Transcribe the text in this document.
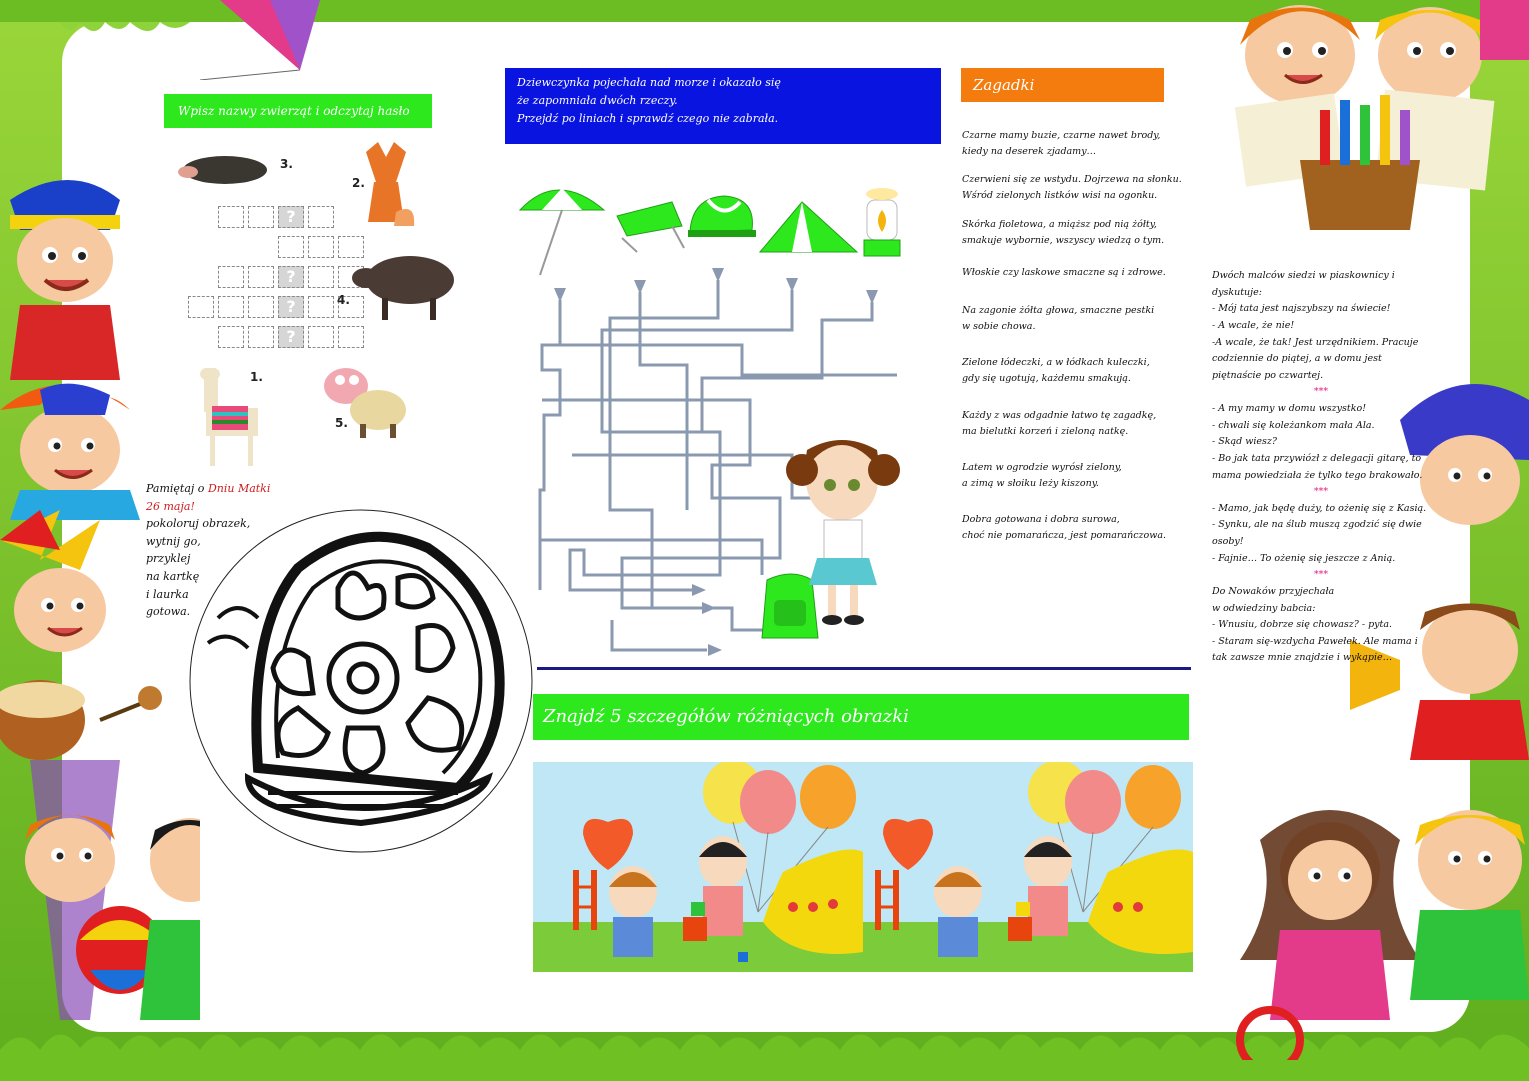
Wpisz nazwy zwierząt i odczytaj hasło
?
?
?
?
3.
2.
4.
1.
5.
Pamiętaj o Dniu Matki
26 maja!
pokoloruj obrazek,
wytnij go,
przyklej
na kartkę
i laurka
gotowa.
Dziewczynka pojechała nad morze i okazało się
że zapomniała dwóch rzeczy.
Przejdź po liniach i sprawdź czego nie zabrała.
Zagadki

Czarne mamy buzie, czarne nawet brody,
kiedy na deserek zjadamy…

Czerwieni się ze wstydu. Dojrzewa na słonku.
Wśród zielonych listków wisi na ogonku.

Skórka fioletowa, a miąższ pod nią żółty,
smakuje wybornie, wszyscy wiedzą o tym.

Włoskie czy laskowe smaczne są i zdrowe.

Na zagonie żółta głowa, smaczne pestki
w sobie chowa.

Zielone łódeczki, a w łódkach kuleczki,
gdy się ugotują, każdemu smakują.

Każdy z was odgadnie łatwo tę zagadkę,
ma bielutki korzeń i zieloną natkę.

Latem w ogrodzie wyrósł zielony,
a zimą w słoiku leży kiszony.

Dobra gotowana i dobra surowa,
choć nie pomarańcza, jest pomarańczowa.

Znajdź 5 szczegółów różniących obrazki

Dwóch malców siedzi w piaskownicy i

dyskutuje:

- Mój tata jest najszybszy na świecie!

- A wcale, że nie!

-A wcale, że tak! Jest urzędnikiem. Pracuje

codziennie do piątej, a w domu jest

piętnaście po czwartej.

***

- A my mamy w domu wszystko!

- chwali się koleżankom mała Ala.

- Skąd wiesz?

- Bo jak tata przywiózł z delegacji gitarę, to

mama powiedziała że tylko tego brakowało.

***

- Mamo, jak będę duży, to ożenię się z Kasią.

- Synku, ale na ślub muszą zgodzić się dwie

osoby!

- Fajnie… To ożenię się jeszcze z Anią.

***

Do Nowaków przyjechała

w odwiedziny babcia:

- Wnusiu, dobrze się chowasz? - pyta.

- Staram się-wzdycha Pawełek. Ale mama i

tak zawsze mnie znajdzie i wykąpie…
